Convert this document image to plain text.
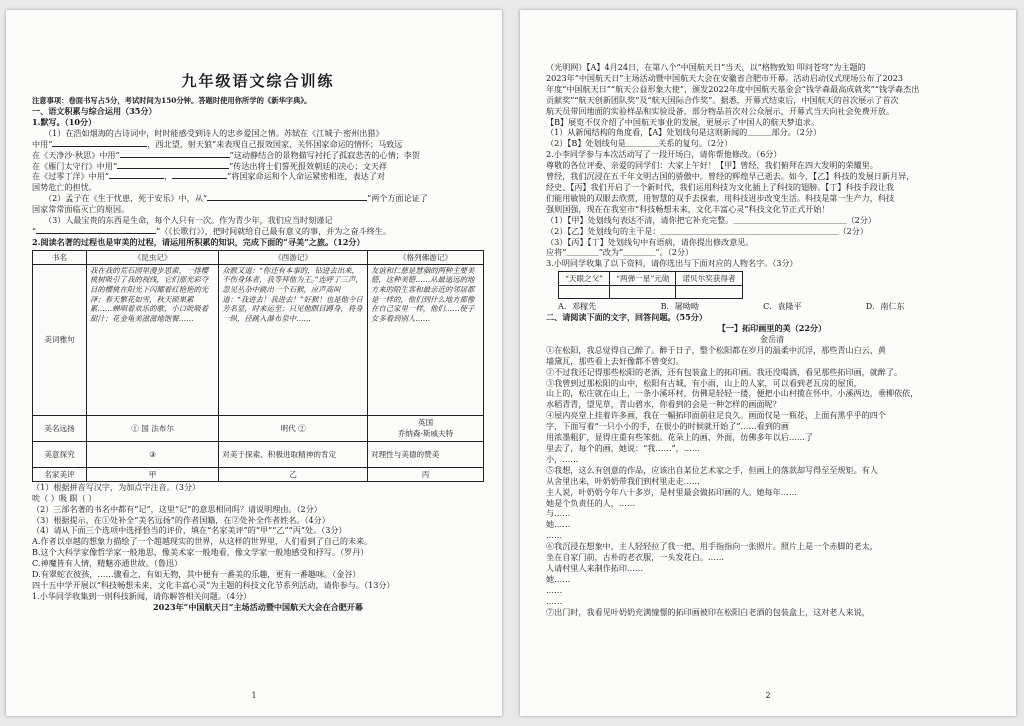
九年级语文综合训练
注意事项：卷面书写占5分，考试时间为150分钟。答题时使用你所学的《新华字典》。
一、语文积累与综合运用（35分）
1.默写。（10分）
（1）在浩如烟海的古诗词中，时时能感受到诗人的忠乡爱国之情。苏轼在《江城子·密州出猎》
中用“	，西北望，射天狼”来表现自己报效国家、关怀国家命运的情怀；马致远
在《天净沙·秋思》中用“	”这动静结合的景物描写衬托了孤寂悲苦的心情；李贺
在《雁门太守行》中用“	”传达出将士们誓死报效朝廷的决心；文天祥
在《过零丁洋》中用“	，	”将国家命运和个人命运紧密相连，表达了对
国势危亡的担忧。
（2）孟子在《生于忧患，死于安乐》中，从“	”两个方面论证了
国家常常面临灭亡的原因。
（3）人最宝贵的东西是生命，每个人只有一次。作为青少年，我们应当时刻谨记
“	”（《长歌行》），把时间就给自己最有意义的事，并为之奋斗终生。
2.阅读名著的过程也是审美的过程，请运用所积累的知识，完成下面的“寻美”之旅。（12分）
书名	《昆虫记》	《西游记》	《格列佛游记》
美词雅句	我在我的荒石园里漫步思索，一排樱桃树吸引了我的视线，它们那光彩夺目的樱桃在阳光下闪耀着红艳艳的光泽；春天繁花如雪，秋天硕果累累……蝉唱着欢乐的歌，小口吮吸着甜汁；花金龟美滋滋地饱餐……	众猴又道：“你还有本事的，钻进去出来，不伤身体者，我等拜他为王。”连呼了三声，忽见丛杂中跳出一个石猴，应声高叫道：“我进去！我进去！”好猴！也是他今日芳名显，时来运至；只见他瞑目蹲身，将身一纵，径跳入瀑布泉中……	友谊和仁慈是慧骃的两种主要美德，这种美德……从最遥远的地方来的陌生客和最亲近的邻居都是一样的，他们到什么地方都像在自己家里一样，他们……使子女多看到别人……

美名远扬	① 国 法布尔	明代 ②	英国
乔纳森·斯威夫特
美意探究	③	对美于探索、积极进取精神的肯定	对理性与美德的赞美
名家美评	甲	乙	丙
（1）根据拼音写汉字，为加点字注音。（3分）
吮（ ）吸 瞑（ ）
（2）三部名著的书名中都有“记”，这里“记”的意思相同吗？请说明理由。（2分）
（3）根据提示，在①处补全“美名远扬”的作者国籍，在②处补全作者姓名。（4分）
（4）请从下面三个选项中选择恰当的评价，填在“名家美评”的“甲”“乙”“丙”处。（3分）
A.作者以卓越的想象力描绘了一个超越现实的世界，从这样的世界里，人们看到了自己的未来。
B.这个大科学家像哲学家一般地思，像美术家一般地看，像文学家一般地感受和抒写。（罗丹）
C.神魔皆有人情，精魅亦通世故。（鲁迅）
D.有翠蛇衣彼孩，……骤看之，有如无物，其中便有一番美的乐趣，更有一番趣味。（金谷）
四十五中学开展以“科技畅想未来，文化丰富心灵”为主题的科技文化节系列活动，请你参与。（13分）
1.小华同学收集到一则科技新闻，请你解答相关问题。（4分）
2023年“中国航天日”主场活动暨中国航天大会在合肥开幕
1
（光明网）【A】4月24日，在第八个“中国航天日”当天，以“格物致知 叩问苍穹”为主题的
2023年“中国航天日”主场活动暨中国航天大会在安徽省合肥市开幕。活动启动仪式现场公布了2023
年度“中国航天日”“航天公益形象大使”，颁发2022年度中国航天基金会“钱学森最高成就奖”“钱学森杰出
贡献奖”“航天创新团队奖”及“航天国际合作奖”。据悉，开幕式结束后，中国航天的首次展示了首次
航天员带回地面的实验样品和实验设备，部分物品首次对公众展示，开幕式当天向社会免费开放。
【B】展览不仅介绍了中国航天事业的发展，更展示了中国人的航天梦追求。
（1）从新闻结构的角度看，【A】处划线句是这则新闻的＿＿＿部分。（2分）
（2）【B】处划线句是＿＿＿＿关系的复句。（2分）
2.小李同学参与本次活动写了一段开场白，请你帮他修改。（6分）
尊敬的各位评委、亲爱的同学们：大家上午好！【甲】曾经，我们俯拜在四大发明的荣耀里。
曾经，我们沉浸在五千年文明古国的骄傲中。曾经的辉煌早已逝去。如今，【乙】科技的发展日新月异，
经史、【丙】我们开启了一个新时代，我们运用科技为文化插上了科技的翅膀。【丁】科技手段让我
们能用敏锐的双眼去欣赏，用智慧的双手去探索，用科技进步改变生活。科技是第一生产力，科技
强则国强，现在在我室市“科技畅想未来，文化丰富心灵”科技文化节正式开始！
（1）【甲】处划线句表达不清，请你把它补充完整。＿＿＿＿＿＿＿＿＿＿＿＿＿＿（2分）
（2）【乙】处划线句的主干是：＿＿＿＿＿＿＿＿＿＿＿＿＿＿＿＿＿＿＿＿＿＿（2分）
（3）【丙】【丁】处划线句中有语病，请你提出修改意见。
应将“＿＿＿＿”改为“＿＿＿＿”。（2分）
3.小明同学收集了以下资料，请你选出与下面对应的人物名字。（3分）
“天眼之父”	“两弹一星”元勋	诺贝尔奖获得者

A．邓稼先	B．屠呦呦	C．袁隆平	D．南仁东
二、请阅读下面的文字，回答问题。（55分）
【一】拓印画里的美（22分）
金岳清
①在松阳，我总觉得自己醉了。醉于日子，整个松阳都在岁月的温柔中沉浮，那些青山白云、黄
墙黛瓦，那些看上去好像都不曾变幻。
②不过我还记得那些松阳的老酒，还有包装盒上的拓印画。我还没喝酒，看见那些拓印画，就醉了。
③我曾到过那松阳的山中，松阳有古城，有小雨，山上的人家，可以看到老瓦房的屋顶，
山上的，松庄就在山上，一条小溪环村，仿佛是轻轻一搂，便把小山村揽在怀中。小溪两边，垂柳依依，
水稻青青，望见草，青山碧水，你看到的会是一种怎样的画面呢？
④屋内亮堂上挂着许多画，我在一幅拓印面前驻足良久。画面仅是一瓶花，上面有黑乎乎的四个
字，下面写着“一只小小的手，在很小的时候就开始了”……看到的画
用浓墨粗犷，显得庄重有些笨拙。花朵上的画，外面，仿佛多年以后……了
里去了，每个的画，她说：“我……”，……
小，……
⑤我想，这么有创意的作品，应该出自某位艺术家之手，但画上的落款却写得至至规矩。有人
从舍里出来，叶奶奶带我们到村里走走……
主人说，叶奶奶今年八十多岁，是村里最会做拓印画的人。她每年……
她是个负责任的人，……
与……
她……
……
⑥我沉浸在想象中，主人轻轻拉了我一把，用手指指向一张照片。照片上是一个赤脚的老太，
坐在自家门前，古朴的老衣服，一头发花白。……
人请村里人来制作拓印……
她……
……
……
⑦出门时，我看见叶奶奶充满憧憬的拓印画被印在松阳白老酒的包装盒上，这对老人来说，
2
